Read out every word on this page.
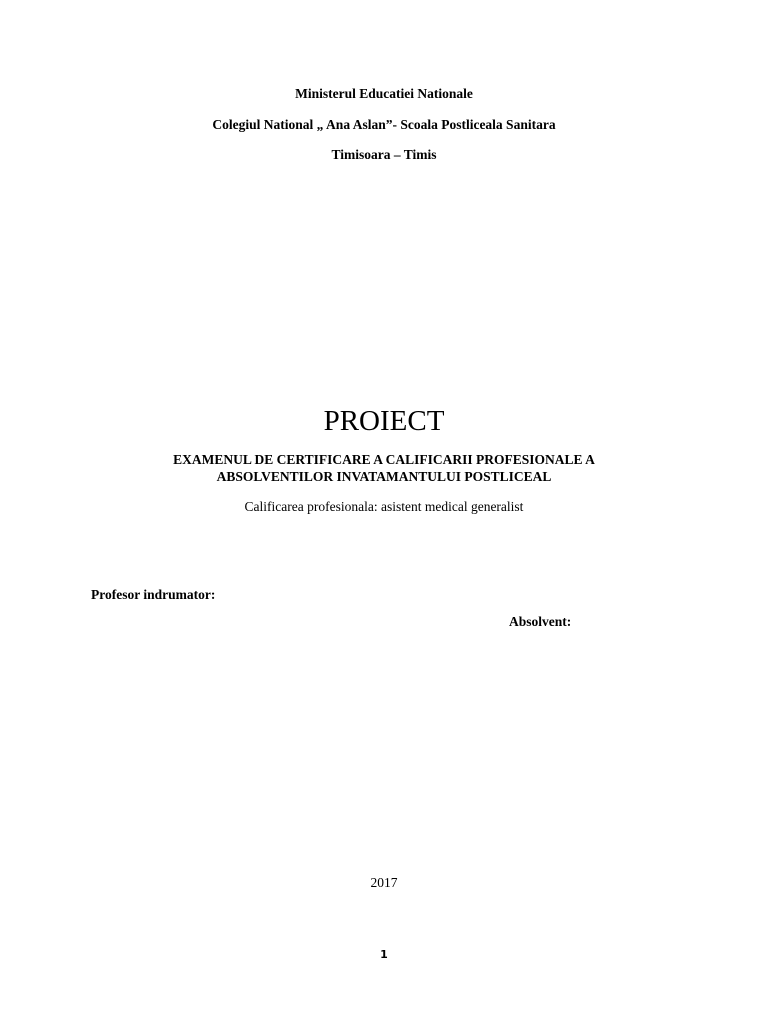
Ministerul Educatiei Nationale
Colegiul National „ Ana Aslan”- Scoala Postliceala Sanitara
Timisoara – Timis
PROIECT
EXAMENUL DE CERTIFICARE A CALIFICARII PROFESIONALE A
ABSOLVENTILOR INVATAMANTULUI POSTLICEAL
Calificarea profesionala: asistent medical generalist
Profesor indrumator:
Absolvent:
2017
1
